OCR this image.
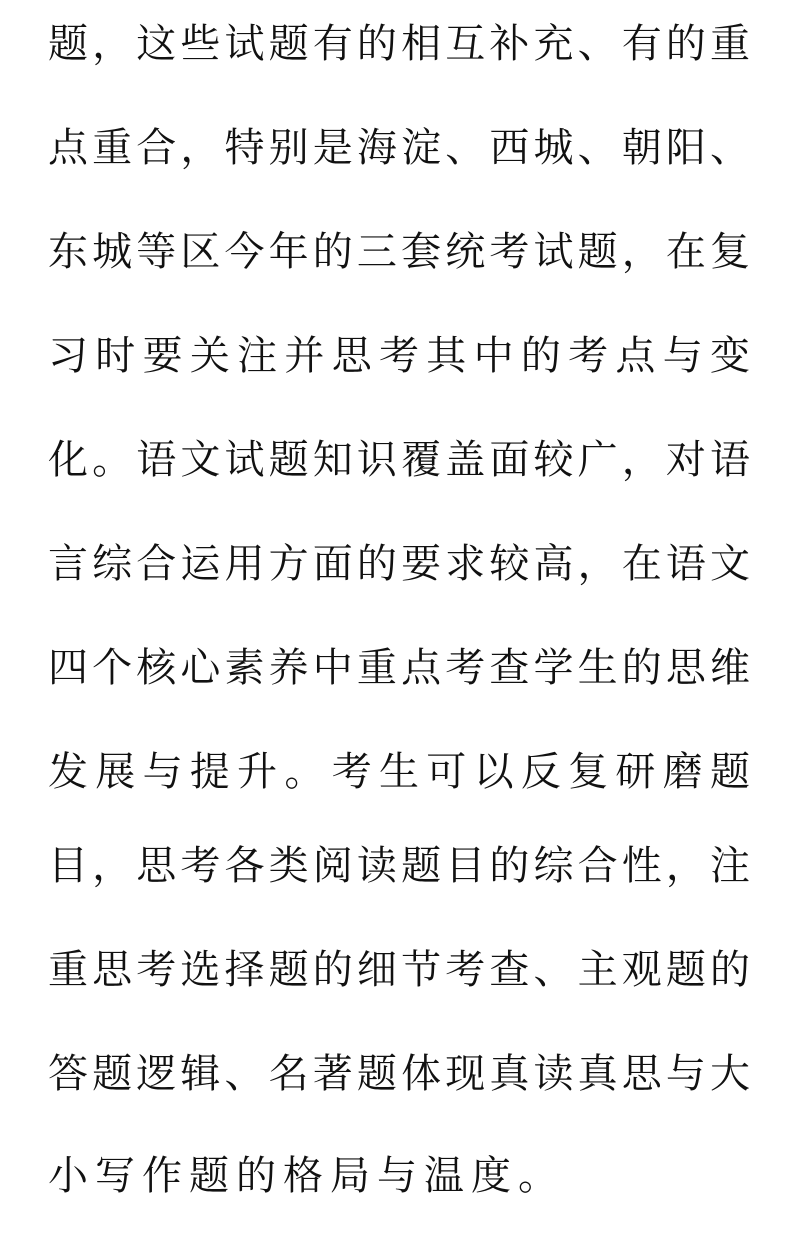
题，这些试题有的相互补充、有的重
点重合，特别是海淀、西城、朝阳、
东城等区今年的三套统考试题，在复
习时要关注并思考其中的考点与变
化。语文试题知识覆盖面较广，对语
言综合运用方面的要求较高，在语文
四个核心素养中重点考查学生的思维
发展与提升。考生可以反复研磨题
目，思考各类阅读题目的综合性，注
重思考选择题的细节考查、主观题的
答题逻辑、名著题体现真读真思与大
小写作题的格局与温度。
